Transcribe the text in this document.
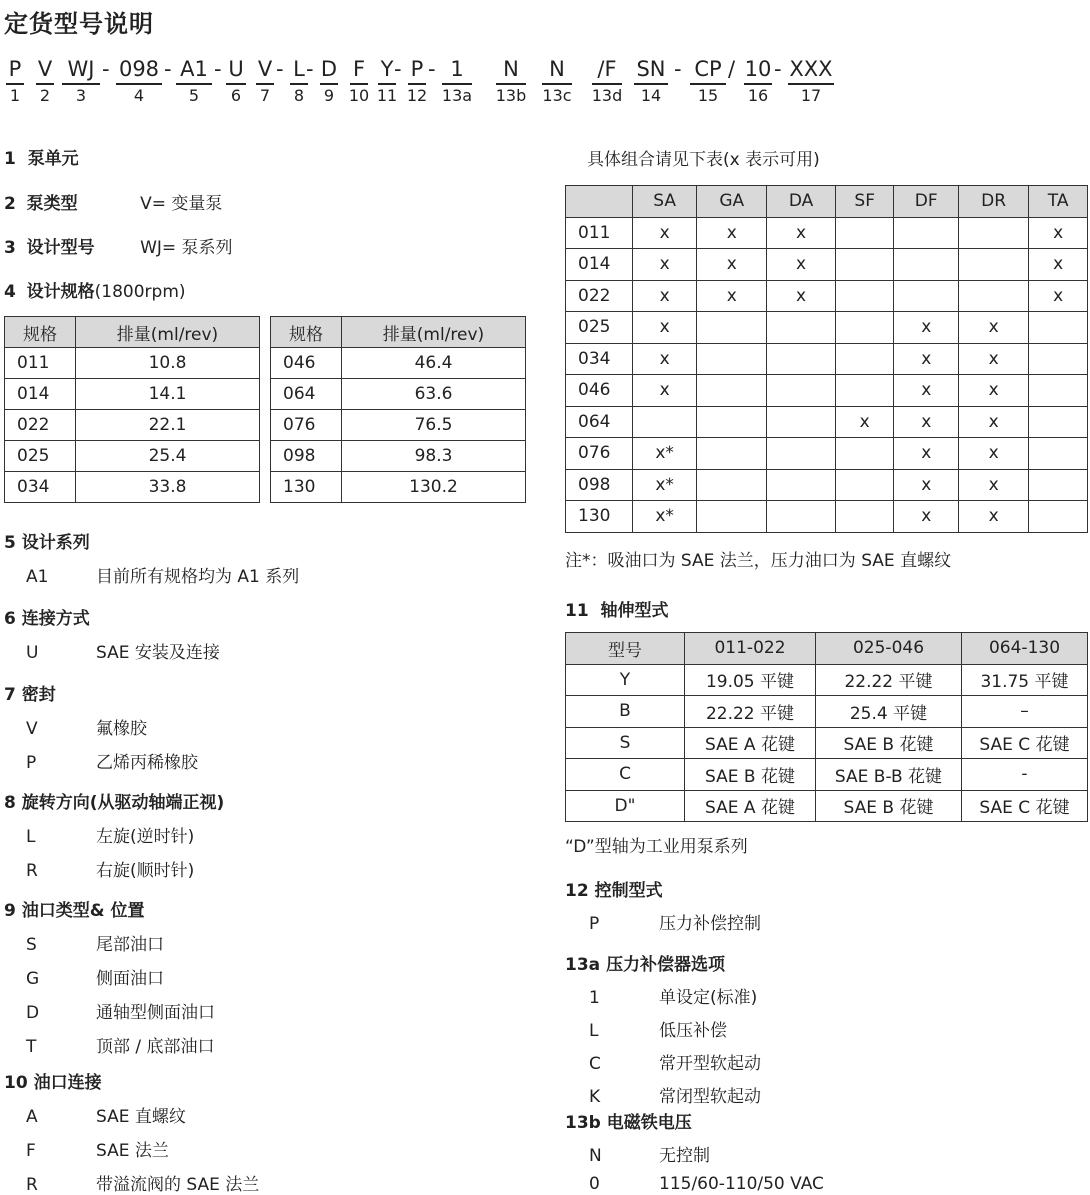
定货型号说明
P
1
V
2
WJ
3
098
4
A1
5
U
6
V
7
L
8
D
9
F
10
Y
11
P
12
1
13a
N
13b
N
13c
/F
13d
SN
14
CP
15
10
16
XXX
17
-	- -	- -	- -	- / -
1 泵单元
2 泵类型	V= 变量泵
3 设计型号	WJ= 泵系列
4 设计规格(1800rpm)
规格	排量(ml/rev)
011	10.8
014	14.1
022	22.1
025	25.4
034	33.8
规格	排量(ml/rev)
046	46.4
064	63.6
076	76.5
098	98.3
130	130.2
5 设计系列
A1	目前所有规格均为 A1 系列
6 连接方式
U	SAE 安装及连接
7 密封
V	氟橡胶
P	乙烯丙稀橡胶
8 旋转方向(从驱动轴端正视)
L	左旋(逆时针)
R	右旋(顺时针)
9 油口类型& 位置
S	尾部油口
G	侧面油口
D	通轴型侧面油口
T	顶部 / 底部油口
10 油口连接
A	SAE 直螺纹
F	SAE 法兰
R	带溢流阀的 SAE 法兰
具体组合请见下表(x 表示可用)
	SA	GA	DA	SF	DF	DR	TA
011	x	x	x				x
014	x	x	x				x
022	x	x	x				x
025	x				x	x	
034	x				x	x	
046	x				x	x	
064				x	x	x	
076	x*				x	x	
098	x*				x	x	
130	x*				x	x	
注*：吸油口为 SAE 法兰，压力油口为 SAE 直螺纹
11 轴伸型式
型号	011-022	025-046	064-130
Y	19.05 平键	22.22 平键	31.75 平键
B	22.22 平键	25.4 平键	–
S	SAE A 花键	SAE B 花键	SAE C 花键
C	SAE B 花键	SAE B-B 花键	-
D"	SAE A 花键	SAE B 花键	SAE C 花键
“D”型轴为工业用泵系列
12 控制型式
P	压力补偿控制
13a 压力补偿器选项
1	单设定(标准)
L	低压补偿
C	常开型软起动
K	常闭型软起动
13b 电磁铁电压
N	无控制
0	115/60-110/50 VAC
